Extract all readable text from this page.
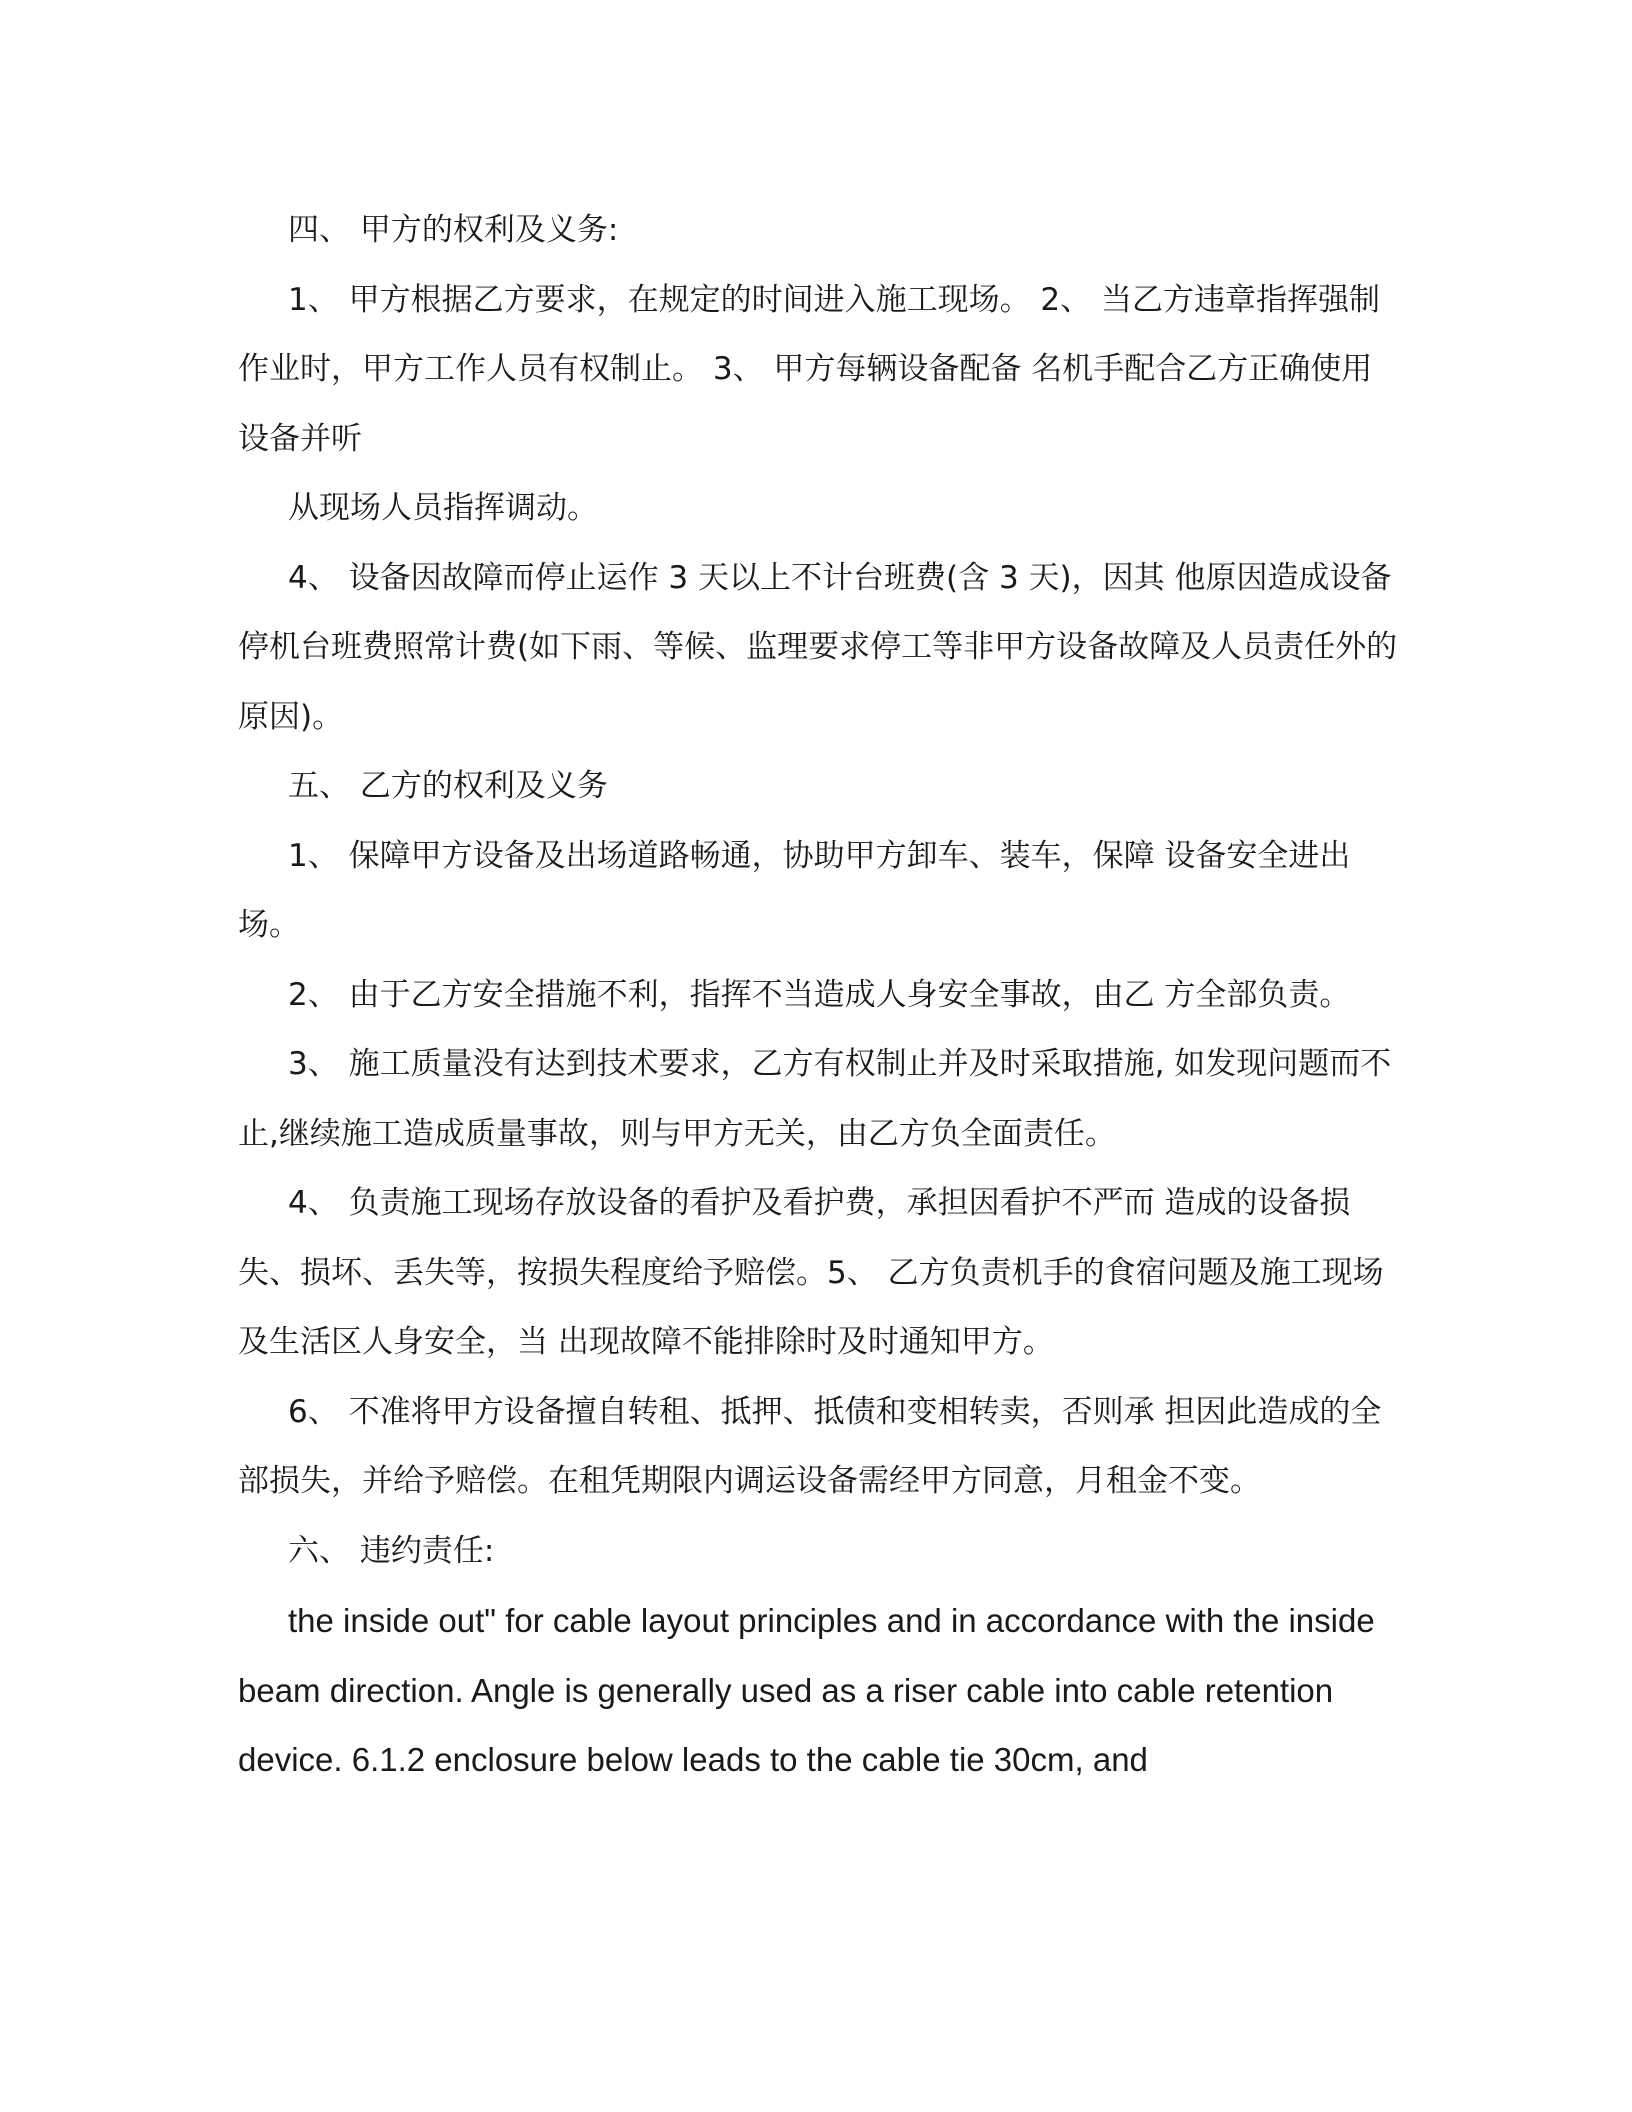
四、 甲方的权利及义务:

1、 甲方根据乙方要求，在规定的时间进入施工现场。 2、 当乙方违章指挥强制作业时，甲方工作人员有权制止。 3、 甲方每辆设备配备 名机手配合乙方正确使用设备并听

从现场人员指挥调动。

4、 设备因故障而停止运作 3 天以上不计台班费(含 3 天)，因其 他原因造成设备停机台班费照常计费(如下雨、等候、监理要求停工等非甲方设备故障及人员责任外的原因)。

五、 乙方的权利及义务

1、 保障甲方设备及出场道路畅通，协助甲方卸车、装车，保障 设备安全进出场。

2、 由于乙方安全措施不利，指挥不当造成人身安全事故，由乙 方全部负责。

3、 施工质量没有达到技术要求，乙方有权制止并及时采取措施, 如发现问题而不止,继续施工造成质量事故，则与甲方无关，由乙方负全面责任。

4、 负责施工现场存放设备的看护及看护费，承担因看护不严而 造成的设备损失、损坏、丢失等，按损失程度给予赔偿。5、 乙方负责机手的食宿问题及施工现场及生活区人身安全，当 出现故障不能排除时及时通知甲方。

6、 不准将甲方设备擅自转租、抵押、抵债和变相转卖，否则承 担因此造成的全部损失，并给予赔偿。在租凭期限内调运设备需经甲方同意，月租金不变。

六、 违约责任:

the inside out" for cable layout principles and in accordance with the inside beam direction. Angle is generally used as a riser cable into cable retention device. 6.1.2 enclosure below leads to the cable tie 30cm, and
